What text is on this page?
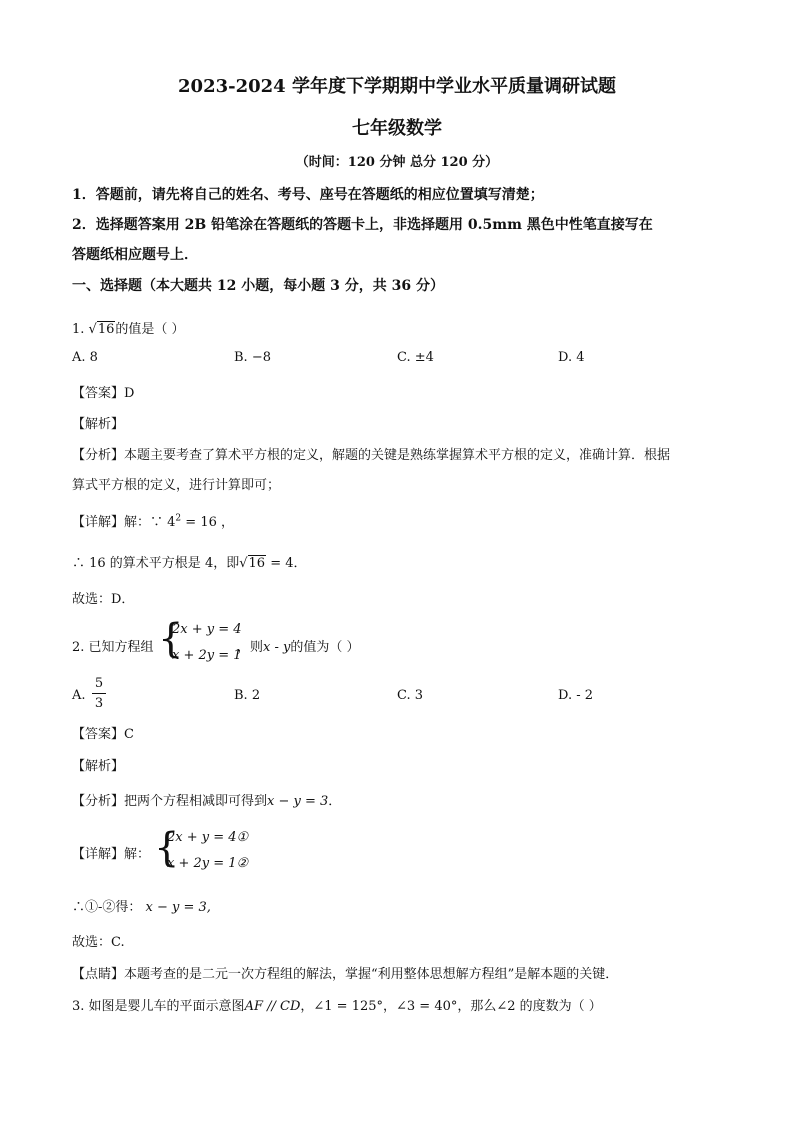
2023-2024 学年度下学期期中学业水平质量调研试题
七年级数学
（时间：120 分钟 总分 120 分）
1．答题前，请先将自己的姓名、考号、座号在答题纸的相应位置填写清楚；
2．选择题答案用 2B 铅笔涂在答题纸的答题卡上，非选择题用 0.5mm 黑色中性笔直接写在
答题纸相应题号上．
一、选择题（本大题共 12 小题，每小题 3 分，共 36 分）
1. √16的值是（ ）
A. 8	B. −8	C. ±4	D. 4
【答案】D
【解析】
【分析】本题主要考查了算术平方根的定义，解题的关键是熟练掌握算术平方根的定义，准确计算．根据
算式平方根的定义，进行计算即可；
【详解】解：∵ $4^2 = 16$ ，
∴ 16 的算术平方根是 4，即√16 = 4．
故选：D．
2. 已知方程组 {
2x + y = 4
x + 2y = 1
，则x - y的值为（ ）
A.
5
3
B. 2	C. 3	D. - 2
【答案】C
【解析】
【分析】把两个方程相减即可得到x − y = 3．
【详解】解： {
2x + y = 4①
x + 2y = 1②
∴①-②得： x − y = 3,
故选：C.
【点睛】本题考查的是二元一次方程组的解法，掌握“利用整体思想解方程组”是解本题的关键．
3. 如图是婴儿车的平面示意图AF // CD，∠1 = 125°，∠3 = 40°，那么∠2 的度数为（ ）
